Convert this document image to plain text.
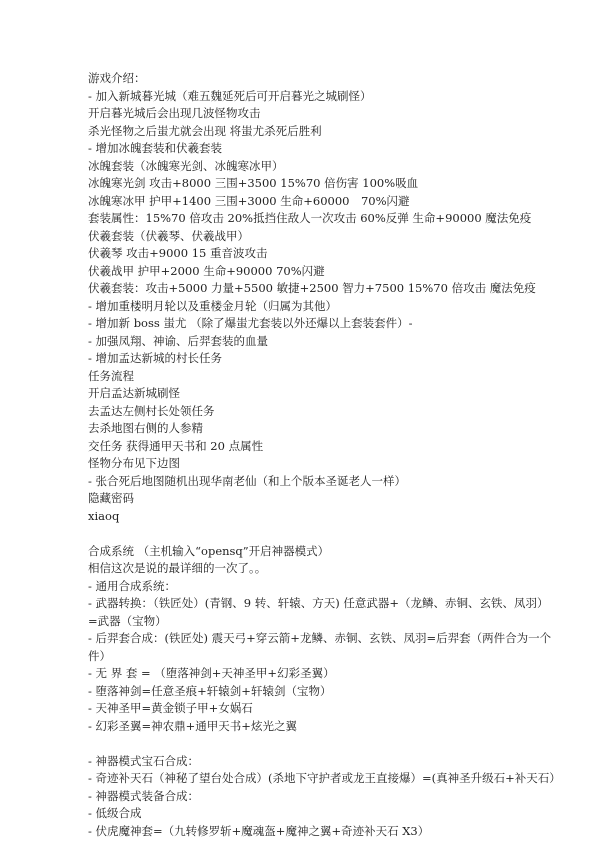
游戏介绍：
- 加入新城暮光城（难五魏延死后可开启暮光之城刷怪）
开启暮光城后会出现几波怪物攻击
杀光怪物之后蚩尤就会出现 将蚩尤杀死后胜利
- 增加冰魄套装和伏羲套装
冰魄套装（冰魄寒光剑、冰魄寒冰甲）
冰魄寒光剑 攻击+8000 三围+3500 15%70 倍伤害 100%吸血
冰魄寒冰甲 护甲+1400 三围+3000 生命+60000　70%闪避
套装属性：15%70 倍攻击 20%抵挡住敌人一次攻击 60%反弹 生命+90000 魔法免疫
伏羲套装（伏羲琴、伏羲战甲）
伏羲琴 攻击+9000 15 重音波攻击
伏羲战甲 护甲+2000 生命+90000 70%闪避
伏羲套装：攻击+5000 力量+5500 敏捷+2500 智力+7500 15%70 倍攻击 魔法免疫
- 增加重楼明月轮以及重楼金月轮（归属为其他）
- 增加新 boss 蚩尤 （除了爆蚩尤套装以外还爆以上套装套件）-
- 加强凤翔、神谕、后羿套装的血量
- 增加孟达新城的村长任务
任务流程
开启孟达新城刷怪
去孟达左侧村长处领任务
去杀地图右侧的人参精
交任务 获得通甲天书和 20 点属性
怪物分布见下边图
- 张合死后地图随机出现华南老仙（和上个版本圣诞老人一样）
隐藏密码
xiaoq
合成系统 （主机输入“opensq”开启神器模式）
相信这次是说的最详细的一次了。。
- 通用合成系统：
- 武器转换：（铁匠处）(青钢、9 转、轩辕、方天) 任意武器+（龙鳞、赤铜、玄铁、凤羽）
=武器（宝物）
- 后羿套合成：(铁匠处) 震天弓+穿云箭+龙鳞、赤铜、玄铁、凤羽=后羿套（两件合为一个
件）
- 无 界 套 = （堕落神剑+天神圣甲+幻彩圣翼）
- 堕落神剑=任意圣痕+轩辕剑+轩辕剑（宝物）
- 天神圣甲=黄金锁子甲+女娲石
- 幻彩圣翼=神农鼎+通甲天书+炫光之翼
- 神器模式宝石合成：
- 奇迹补天石（神秘了望台处合成）(杀地下守护者或龙王直接爆）=(真神圣升级石+补天石）
- 神器模式装备合成：
- 低级合成
- 伏虎魔神套=（九转修罗斩+魔魂盔+魔神之翼+奇迹补天石 X3）
